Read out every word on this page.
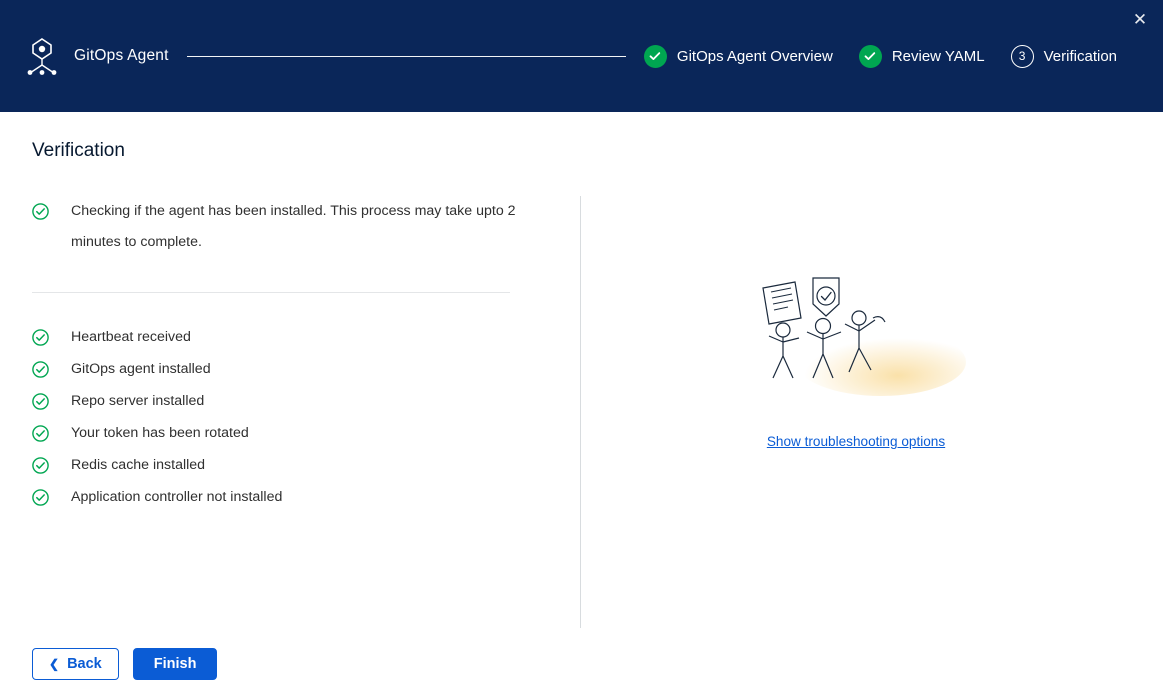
✕
GitOps Agent	GitOps Agent Overview	Review YAML	3	Verification
Verification
Checking if the agent has been installed. This process may take upto 2 minutes to complete.
Heartbeat received
GitOps agent installed
Repo server installed
Your token has been rotated
Redis cache installed
Application controller not installed
Show troubleshooting options
❮ Back	Finish
